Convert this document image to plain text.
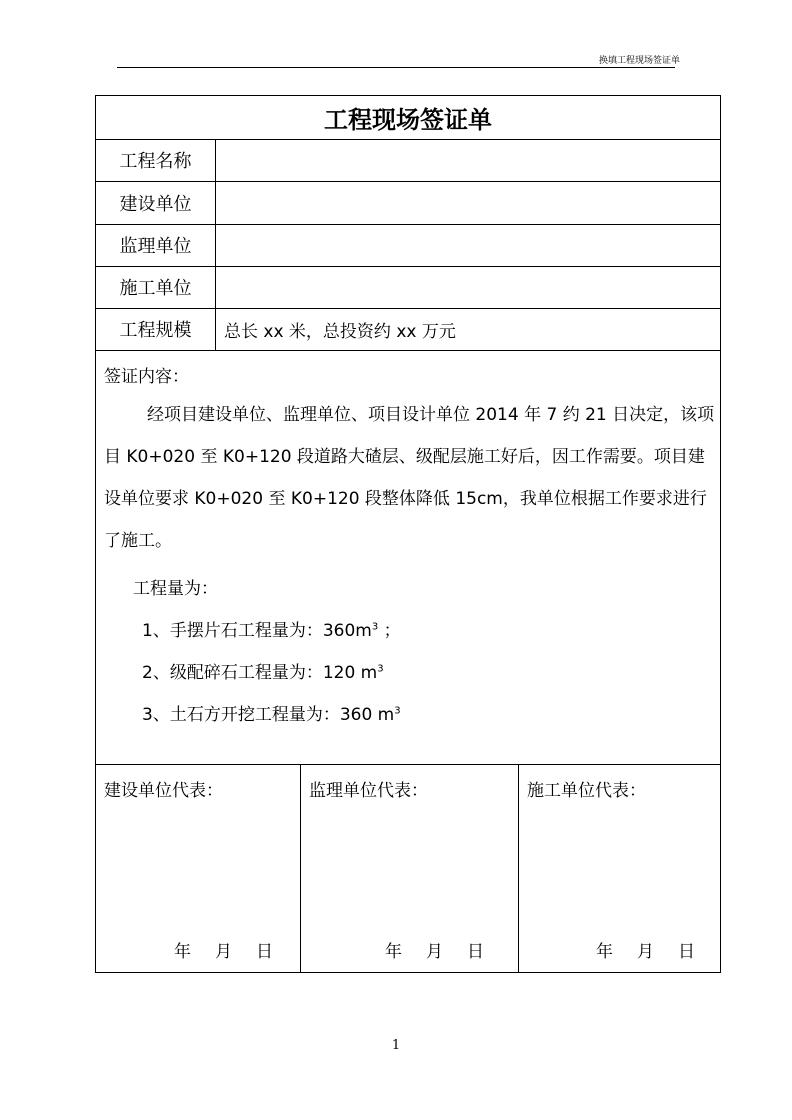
换填工程现场签证单
工程现场签证单
工程名称
建设单位
监理单位
施工单位
工程规模	总长 xx 米，总投资约 xx 万元
签证内容：

经项目建设单位、监理单位、项目设计单位 2014 年 7 约 21 日决定，该项目 K0+020 至 K0+120 段道路大碴层、级配层施工好后，因工作需要。项目建设单位要求 K0+020 至 K0+120 段整体降低 15cm，我单位根据工作要求进行了施工。

工程量为：
1、手摆片石工程量为：$360m^3$ ；
2、级配碎石工程量为：120 $m^3$
3、土石方开挖工程量为：360 $m^3$
建设单位代表：
年 月 日
监理单位代表：
年 月 日
施工单位代表：
年 月 日
1
